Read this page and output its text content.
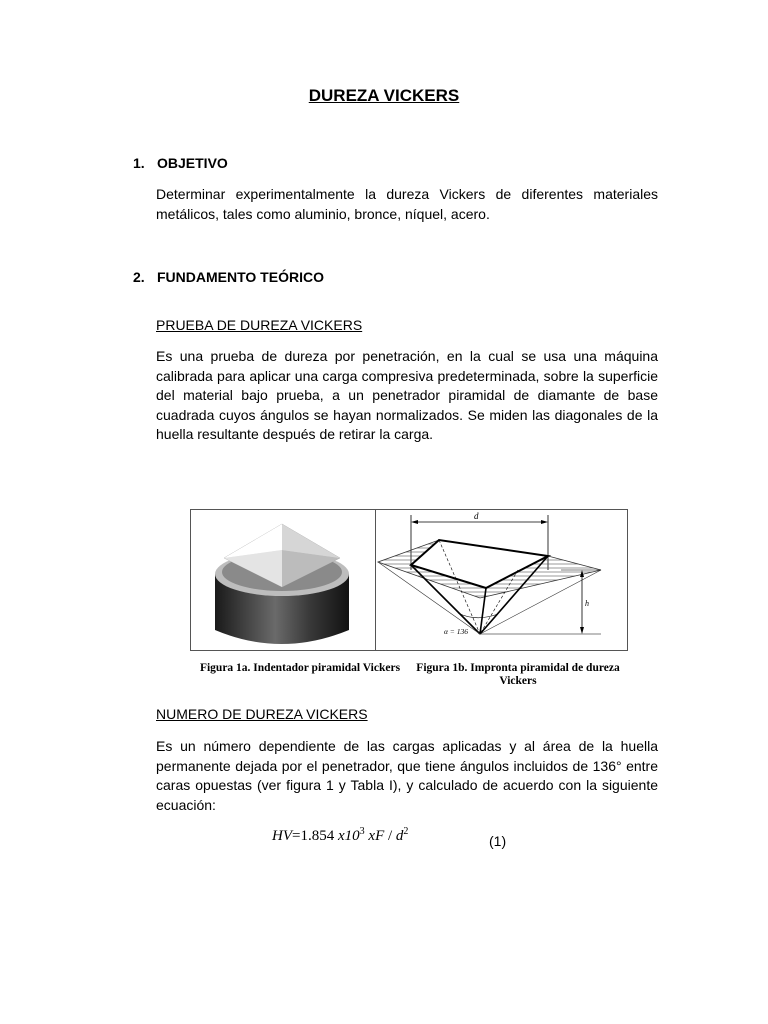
DUREZA VICKERS
1. OBJETIVO

Determinar experimentalmente la dureza Vickers de diferentes materiales metálicos, tales como aluminio, bronce, níquel, acero.

2. FUNDAMENTO TEÓRICO
PRUEBA DE DUREZA VICKERS

Es una prueba de dureza por penetración, en la cual se usa una máquina calibrada para aplicar una carga compresiva predeterminada, sobre la superficie del material bajo prueba, a un penetrador piramidal de diamante de base cuadrada cuyos ángulos se hayan normalizados. Se miden las diagonales de la huella resultante después de retirar la carga.

d
α = 136
h
Figura 1a. Indentador piramidal Vickers	Figura 1b. Impronta piramidal de dureza
Vickers
NUMERO DE DUREZA VICKERS

Es un número dependiente de las cargas aplicadas y al área de la huella permanente dejada por el penetrador, que tiene ángulos incluidos de 136° entre caras opuestas (ver figura 1 y Tabla I), y calculado de acuerdo con la siguiente ecuación:

HV=1.854 $x10^3$ xF / $d^2$
(1)
